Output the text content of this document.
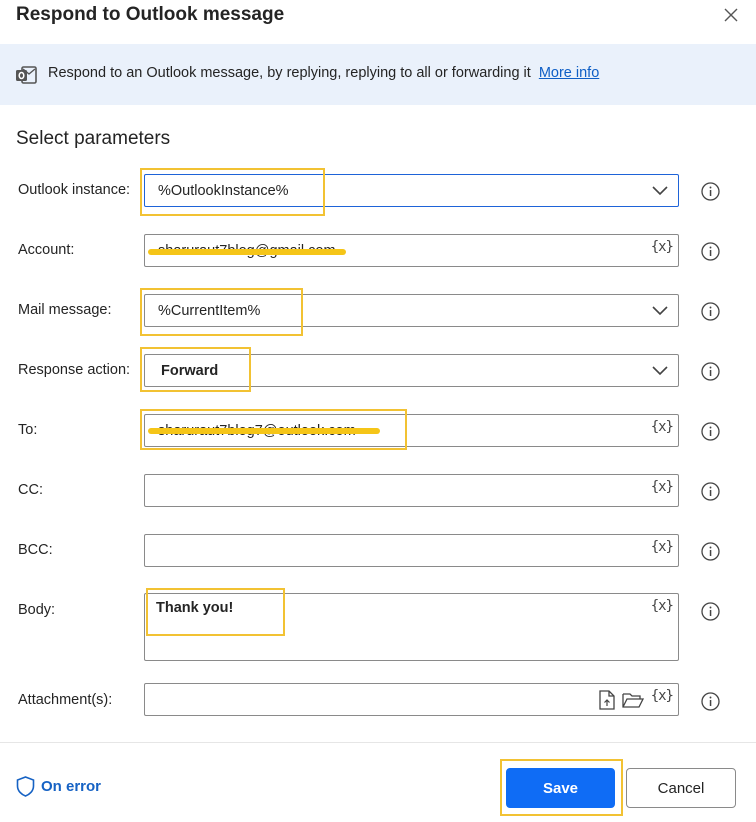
Respond to Outlook message
Respond to an Outlook message, by replying, replying to all or forwarding it More info
Select parameters
Outlook instance: %OutlookInstance%
Account:	{x}
Mail message:	%CurrentItem%
Response action: Forward
To:	{x}
CC:	{x}
BCC:	{x}
Body:	Thank you!	{x}
Attachment(s):	{x}
On error	Save	Cancel
